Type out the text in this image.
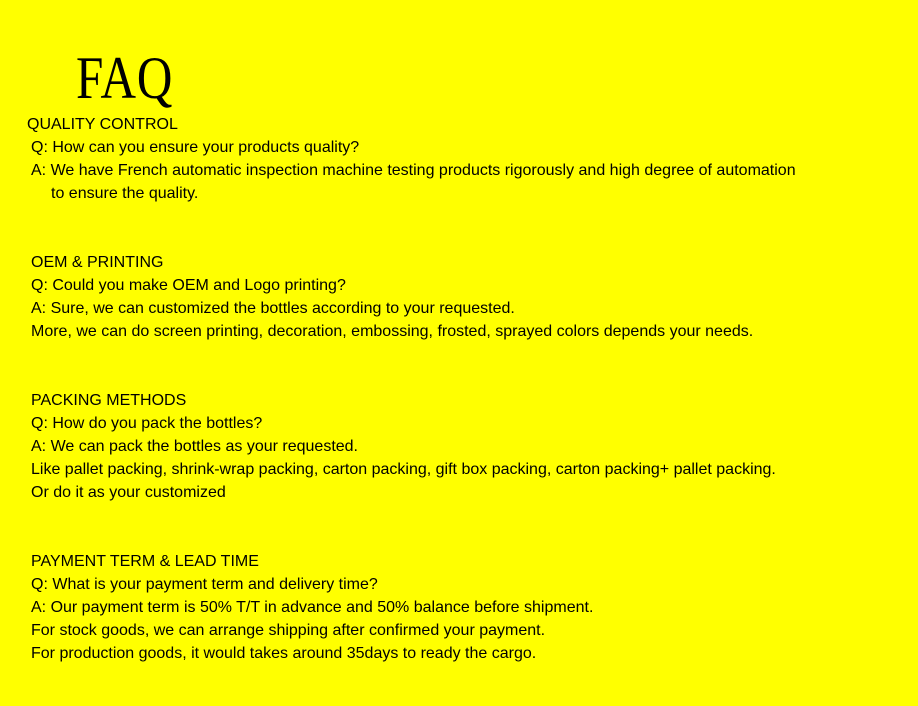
FAQ
QUALITY CONTROL
Q: How can you ensure your products quality?
A: We have French automatic inspection machine testing products rigorously and high degree of automation
to ensure the quality.
OEM & PRINTING
Q: Could you make OEM and Logo printing?
A: Sure, we can customized the bottles according to your requested.
More, we can do screen printing, decoration, embossing, frosted, sprayed colors depends your needs.
PACKING METHODS
Q: How do you pack the bottles?
A: We can pack the bottles as your requested.
Like pallet packing, shrink-wrap packing, carton packing, gift box packing, carton packing+ pallet packing.
Or do it as your customized
PAYMENT TERM & LEAD TIME
Q: What is your payment term and delivery time?
A: Our payment term is 50% T/T in advance and 50% balance before shipment.
For stock goods, we can arrange shipping after confirmed your payment.
For production goods, it would takes around 35days to ready the cargo.
